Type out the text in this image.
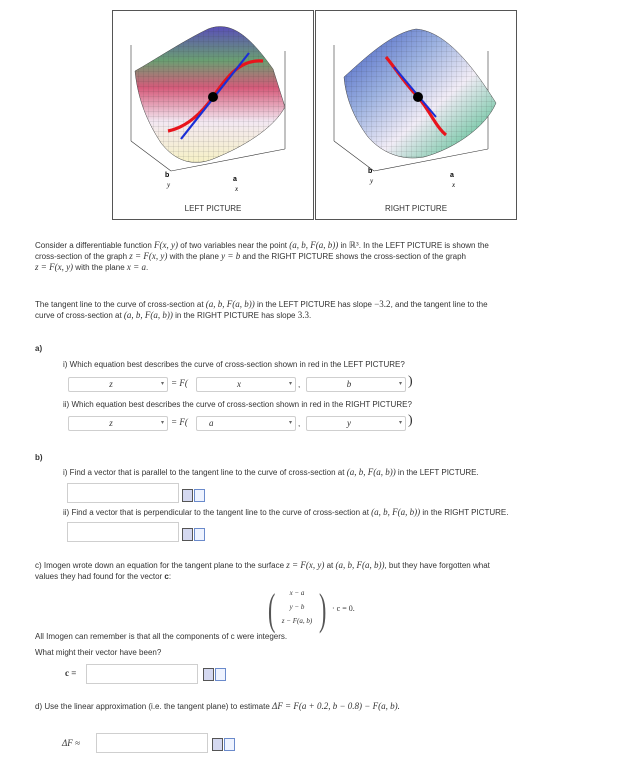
b
y
a
x
LEFT PICTURE
b
y
a
x
RIGHT PICTURE
Consider a differentiable function F(x, y) of two variables near the point (a, b, F(a, b)) in ℝ³. In the LEFT PICTURE is shown the
cross-section of the graph z = F(x, y) with the plane y = b and the RIGHT PICTURE shows the cross-section of the graph
z = F(x, y) with the plane x = a.
The tangent line to the curve of cross-section at (a, b, F(a, b)) in the LEFT PICTURE has slope −3.2, and the tangent line to the
curve of cross-section at (a, b, F(a, b)) in the RIGHT PICTURE has slope 3.3.
a)
i) Which equation best describes the curve of cross-section shown in red in the LEFT PICTURE?
z	▾ = F(	x	▾ ,	b	▾ )
ii) Which equation best describes the curve of cross-section shown in red in the RIGHT PICTURE?
z	▾ = F(	a	▾ ,	y	▾ )
b)
i) Find a vector that is parallel to the tangent line to the curve of cross-section at (a, b, F(a, b)) in the LEFT PICTURE.
ii) Find a vector that is perpendicular to the tangent line to the curve of cross-section at (a, b, F(a, b)) in the RIGHT PICTURE.
c) Imogen wrote down an equation for the tangent plane to the surface z = F(x, y) at (a, b, F(a, b)), but they have forgotten what
values they had found for the vector c:
(	x − a
y − b
z − F(a, b) ) · c = 0.
All Imogen can remember is that all the components of c were integers.
What might their vector have been?
c =
d) Use the linear approximation (i.e. the tangent plane) to estimate ΔF = F(a + 0.2, b − 0.8) − F(a, b).
ΔF ≈
